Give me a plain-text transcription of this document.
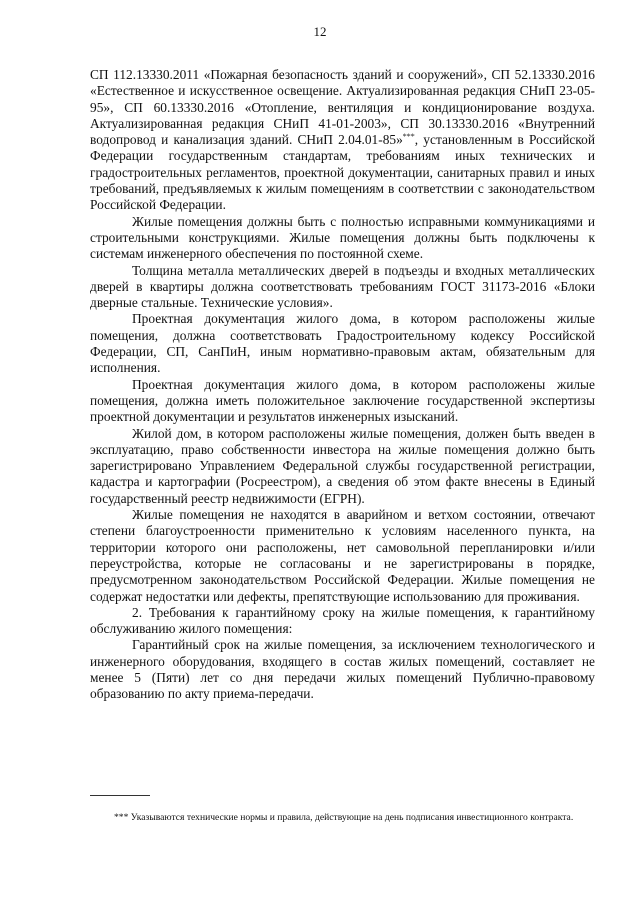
12

СП 112.13330.2011 «Пожарная безопасность зданий и сооружений», СП 52.13330.2016 «Естественное и искусственное освещение. Актуализированная редакция СНиП 23-05-95», СП 60.13330.2016 «Отопление, вентиляция и кондиционирование воздуха. Актуализированная редакция СНиП 41-01-2003», СП 30.13330.2016 «Внутренний водопровод и канализация зданий. СНиП 2.04.01-85»***, установленным в Российской Федерации государственным стандартам, требованиям иных технических и градостроительных регламентов, проектной документации, санитарных правил и иных требований, предъявляемых к жилым помещениям в соответствии с законодательством Российской Федерации.

Жилые помещения должны быть с полностью исправными коммуникациями и строительными конструкциями. Жилые помещения должны быть подключены к системам инженерного обеспечения по постоянной схеме.

Толщина металла металлических дверей в подъезды и входных металлических дверей в квартиры должна соответствовать требованиям ГОСТ 31173-2016 «Блоки дверные стальные. Технические условия».

Проектная документация жилого дома, в котором расположены жилые помещения, должна соответствовать Градостроительному кодексу Российской Федерации, СП, СанПиН, иным нормативно-правовым актам, обязательным для исполнения.

Проектная документация жилого дома, в котором расположены жилые помещения, должна иметь положительное заключение государственной экспертизы проектной документации и результатов инженерных изысканий.

Жилой дом, в котором расположены жилые помещения, должен быть введен в эксплуатацию, право собственности инвестора на жилые помещения должно быть зарегистрировано Управлением Федеральной службы государственной регистрации, кадастра и картографии (Росреестром), а сведения об этом факте внесены в Единый государственный реестр недвижимости (ЕГРН).

Жилые помещения не находятся в аварийном и ветхом состоянии, отвечают степени благоустроенности применительно к условиям населенного пункта, на территории которого они расположены, нет самовольной перепланировки и/или переустройства, которые не согласованы и не зарегистрированы в порядке, предусмотренном законодательством Российской Федерации. Жилые помещения не содержат недостатки или дефекты, препятствующие использованию для проживания.

2. Требования к гарантийному сроку на жилые помещения, к гарантийному обслуживанию жилого помещения:

Гарантийный срок на жилые помещения, за исключением технологического и инженерного оборудования, входящего в состав жилых помещений, составляет не менее 5 (Пяти) лет со дня передачи жилых помещений Публично-правовому образованию по акту приема-передачи.

*** Указываются технические нормы и правила, действующие на день подписания инвестиционного контракта.
